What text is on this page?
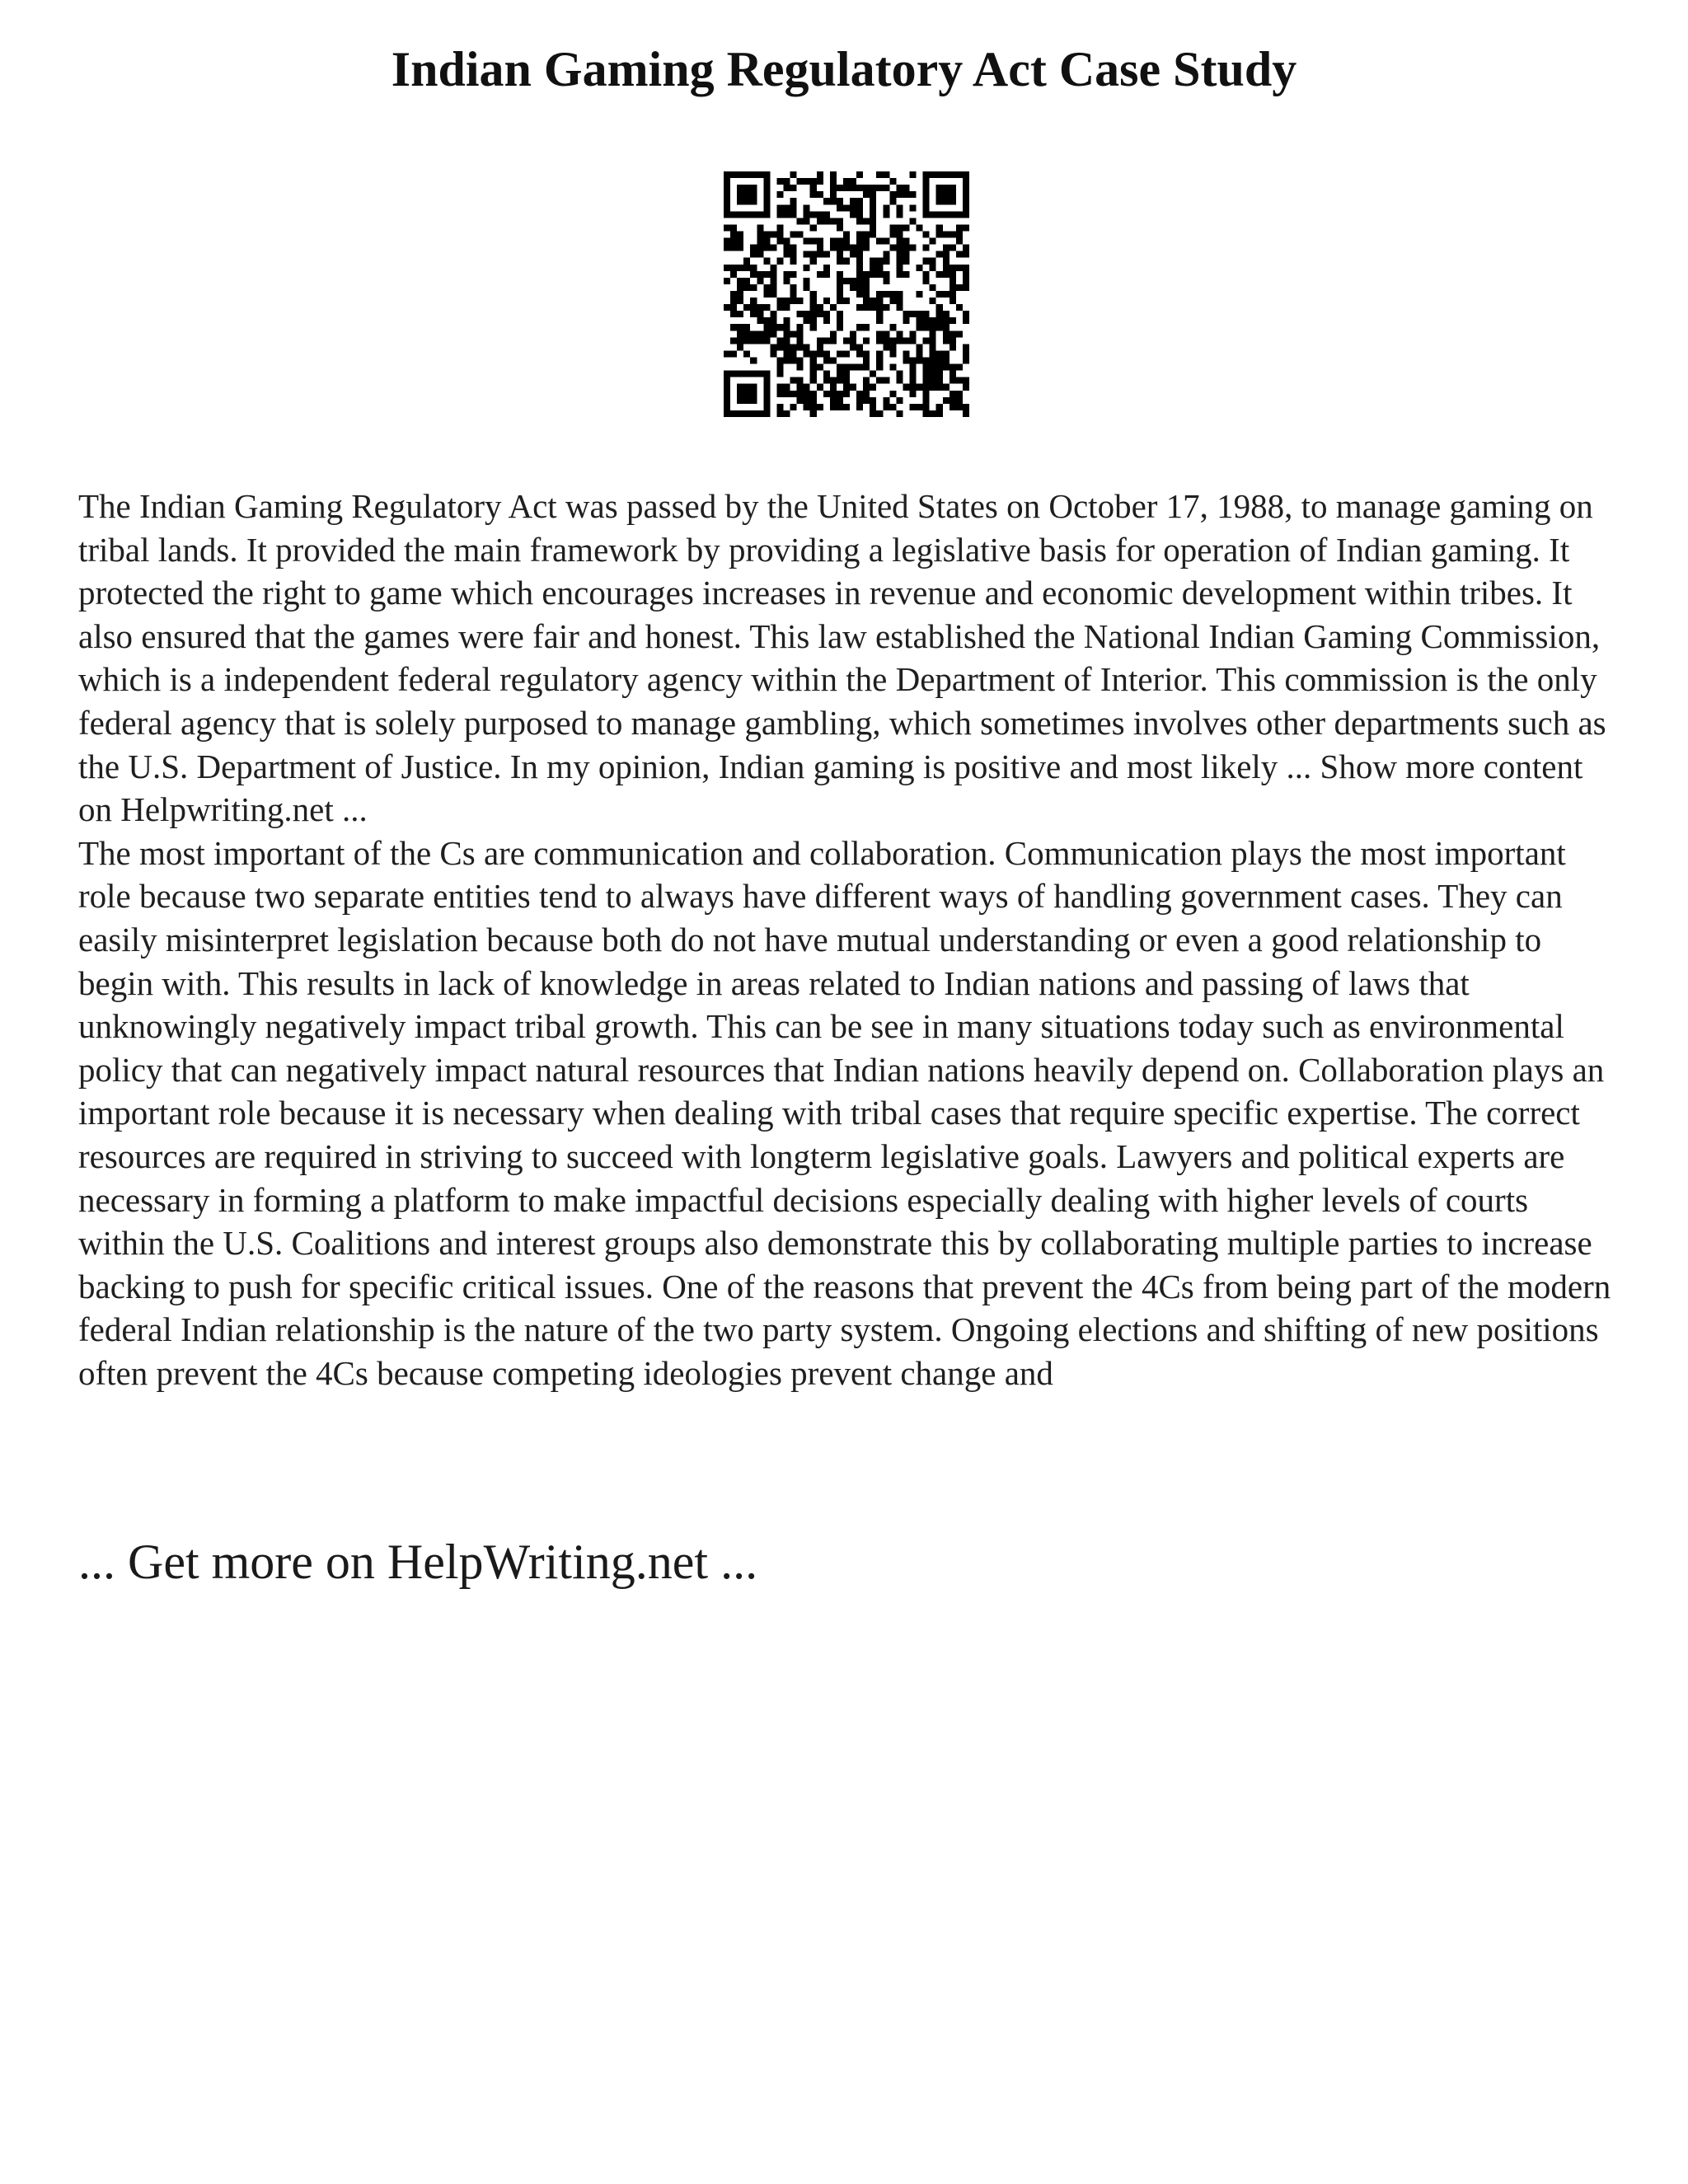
Indian Gaming Regulatory Act Case Study

The Indian Gaming Regulatory Act was passed by the United States on October 17, 1988, to manage gaming on tribal lands. It provided the main framework by providing a legislative basis for operation of Indian gaming. It protected the right to game which encourages increases in revenue and economic development within tribes. It also ensured that the games were fair and honest. This law established the National Indian Gaming Commission, which is a independent federal regulatory agency within the Department of Interior. This commission is the only federal agency that is solely purposed to manage gambling, which sometimes involves other departments such as the U.S. Department of Justice. In my opinion, Indian gaming is positive and most likely ... Show more content on Helpwriting.net ...

The most important of the Cs are communication and collaboration. Communication plays the most important role because two separate entities tend to always have different ways of handling government cases. They can easily misinterpret legislation because both do not have mutual understanding or even a good relationship to begin with. This results in lack of knowledge in areas related to Indian nations and passing of laws that unknowingly negatively impact tribal growth. This can be see in many situations today such as environmental policy that can negatively impact natural resources that Indian nations heavily depend on. Collaboration plays an important role because it is necessary when dealing with tribal cases that require specific expertise. The correct resources are required in striving to succeed with longterm legislative goals. Lawyers and political experts are necessary in forming a platform to make impactful decisions especially dealing with higher levels of courts within the U.S. Coalitions and interest groups also demonstrate this by collaborating multiple parties to increase backing to push for specific critical issues. One of the reasons that prevent the 4Cs from being part of the modern federal Indian relationship is the nature of the two party system. Ongoing elections and shifting of new positions often prevent the 4Cs because competing ideologies prevent change and

... Get more on HelpWriting.net ...
